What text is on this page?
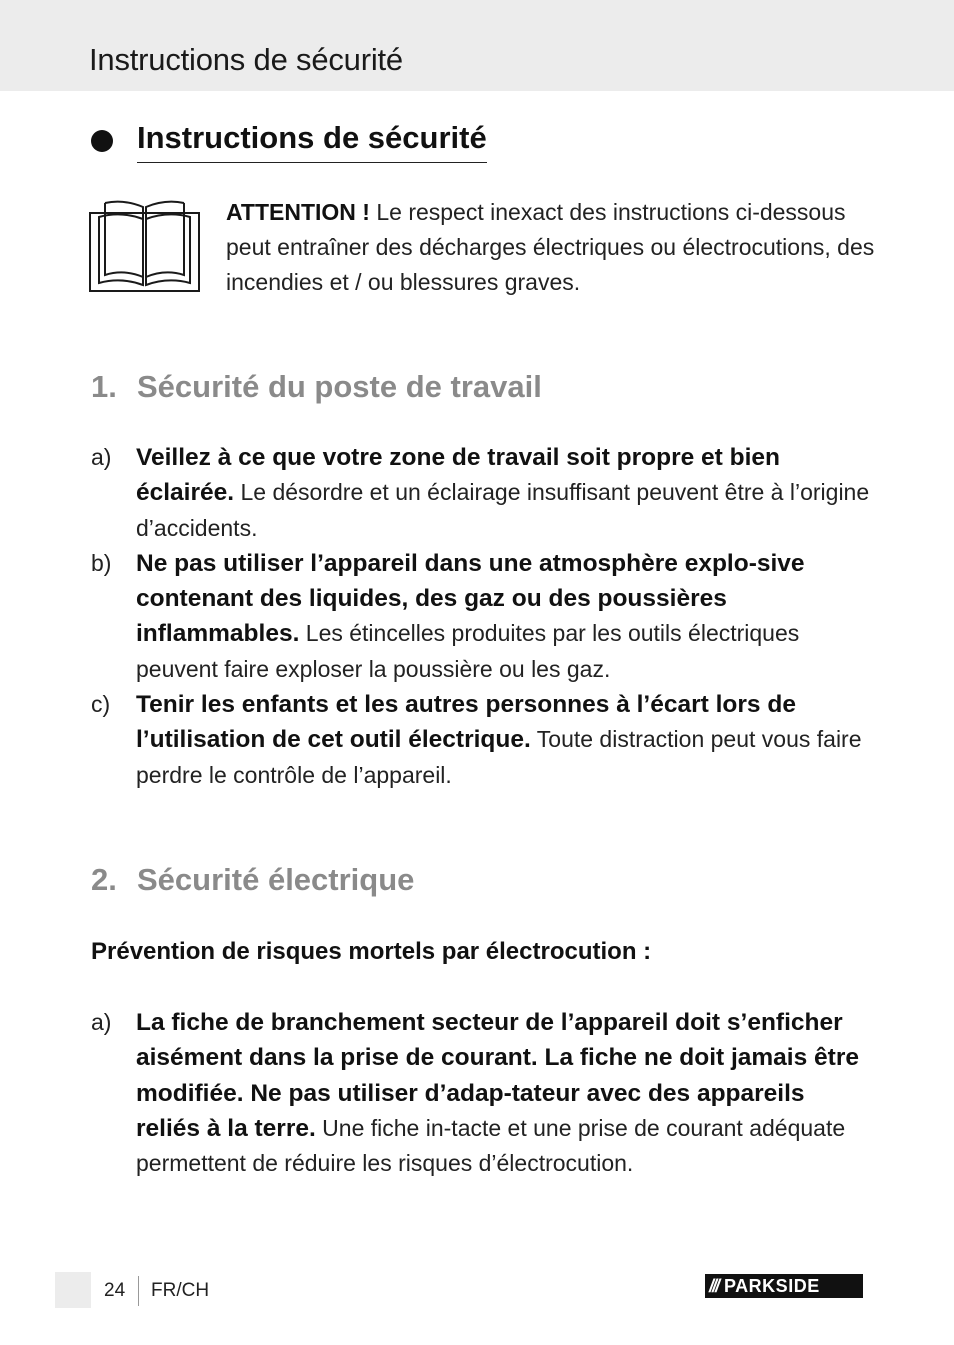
Instructions de sécurité
Instructions de sécurité
ATTENTION ! Le respect inexact des instructions ci-dessous peut entraîner des décharges électriques ou électrocutions, des incendies et / ou blessures graves.
1. Sécurité du poste de travail
a)	Veillez à ce que votre zone de travail soit propre et bien éclairée. Le désordre et un éclairage insuffisant peuvent être à l’origine d’accidents.
b)	Ne pas utiliser l’appareil dans une atmosphère explo-sive contenant des liquides, des gaz ou des poussières inflammables. Les étincelles produites par les outils électriques peuvent faire exploser la poussière ou les gaz.
c)	Tenir les enfants et les autres personnes à l’écart lors de l’utilisation de cet outil électrique. Toute distraction peut vous faire perdre le contrôle de l’appareil.
2. Sécurité électrique

Prévention de risques mortels par électrocution :

a)	La fiche de branchement secteur de l’appareil doit s’enficher aisément dans la prise de courant. La fiche ne doit jamais être modifiée. Ne pas utiliser d’adap-tateur avec des appareils reliés à la terre. Une fiche in-tacte et une prise de courant adéquate permettent de réduire les risques d’électrocution.
24 FR/CH	/// PARKSIDE
